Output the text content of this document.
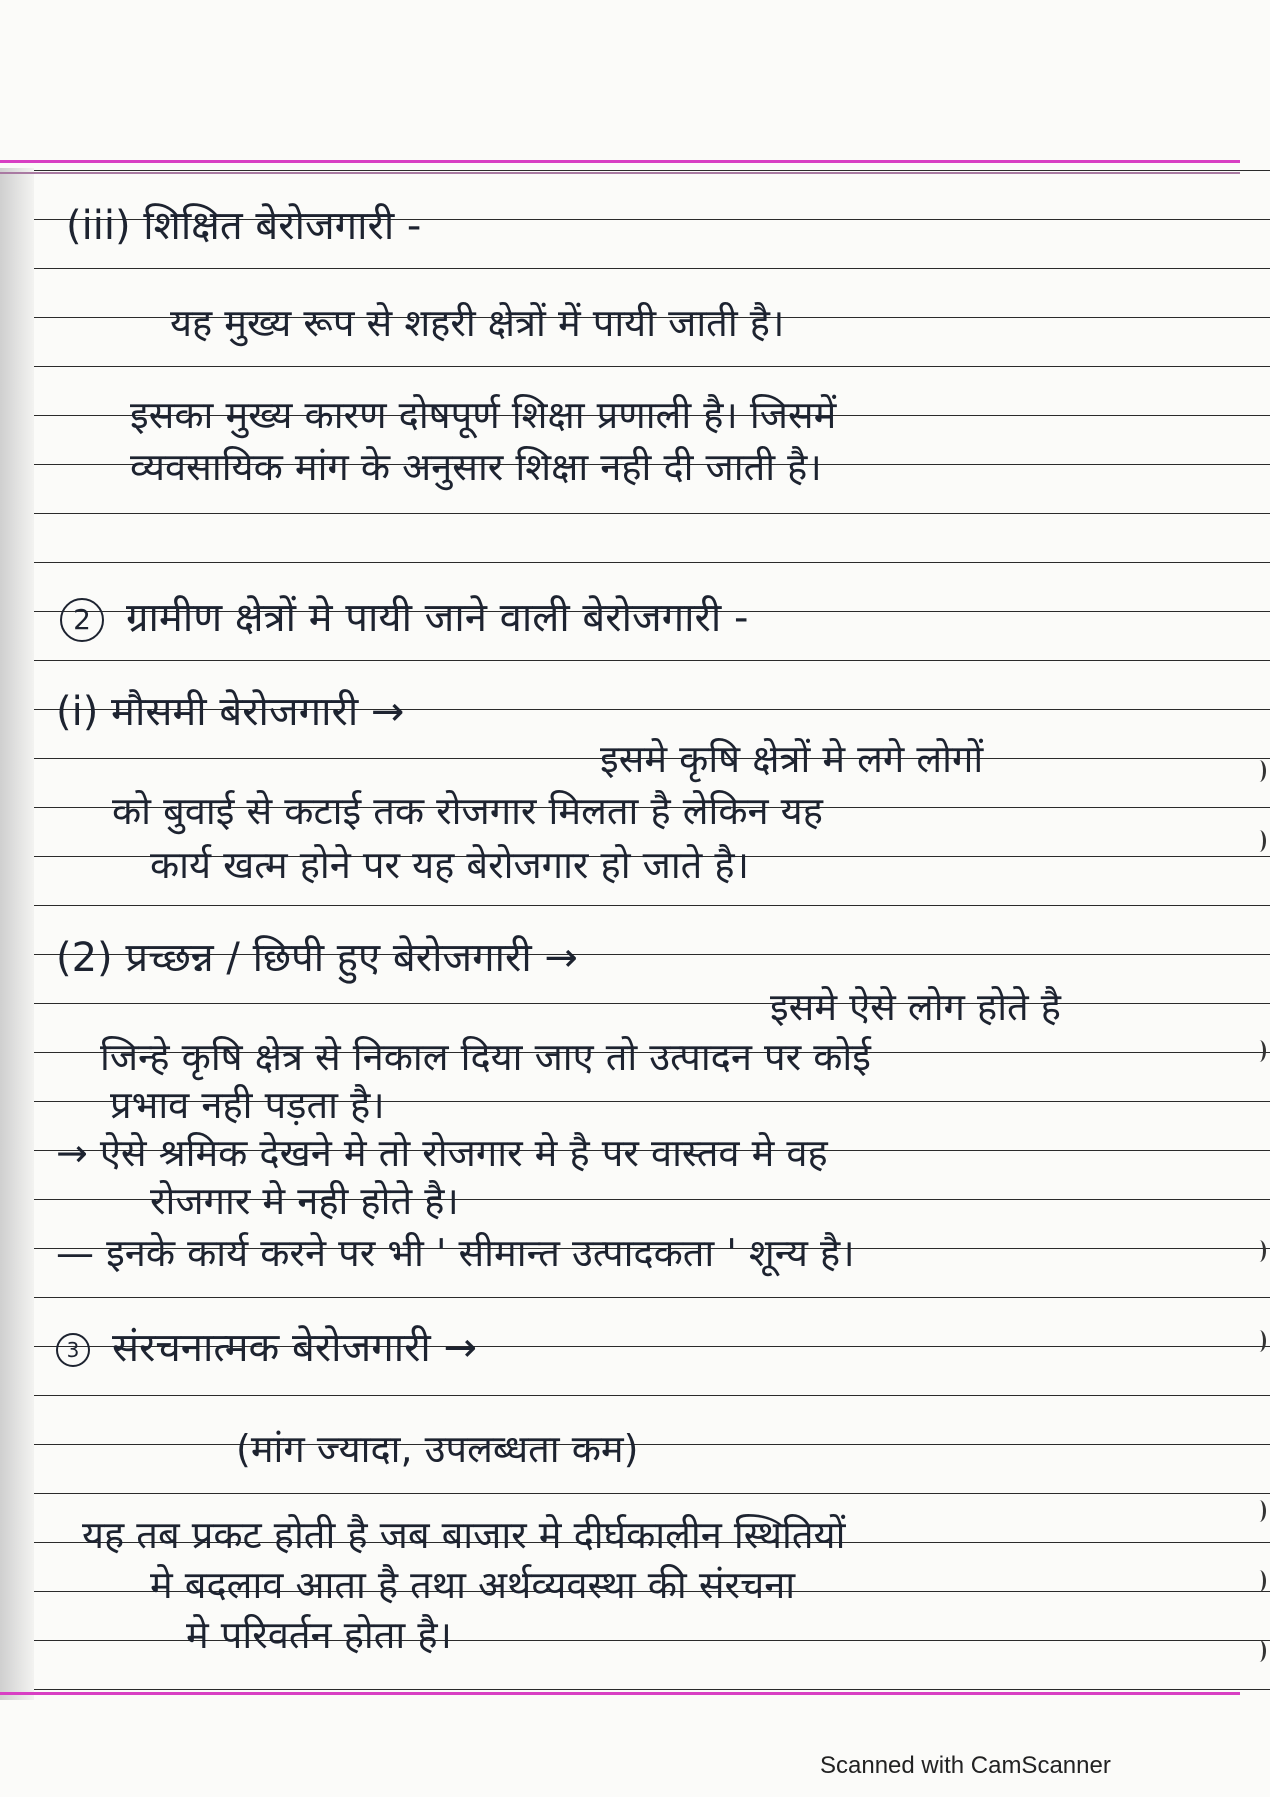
(iii) शिक्षित बेरोजगारी -
यह मुख्य रूप से शहरी क्षेत्रों में पायी जाती है।
इसका मुख्य कारण दोषपूर्ण शिक्षा प्रणाली है। जिसमें
व्यवसायिक मांग के अनुसार शिक्षा नही दी जाती है।
2 ग्रामीण क्षेत्रों मे पायी जाने वाली बेरोजगारी -
(i) मौसमी बेरोजगारी →
इसमे कृषि क्षेत्रों मे लगे लोगों
को बुवाई से कटाई तक रोजगार मिलता है लेकिन यह
कार्य खत्म होने पर यह बेरोजगार हो जाते है।
(2) प्रच्छन्न / छिपी हुए बेरोजगारी →
इसमे ऐसे लोग होते है
जिन्हे कृषि क्षेत्र से निकाल दिया जाए तो उत्पादन पर कोई
प्रभाव नही पड़ता है।
→ ऐसे श्रमिक देखने मे तो रोजगार मे है पर वास्तव मे वह
रोजगार मे नही होते है।
— इनके कार्य करने पर भी ' सीमान्त उत्पादकता ' शून्य है।
3 संरचनात्मक बेरोजगारी →
(मांग ज्यादा, उपलब्धता कम)
यह तब प्रकट होती है जब बाजार मे दीर्घकालीन स्थितियों
मे बदलाव आता है तथा अर्थव्यवस्था की संरचना
मे परिवर्तन होता है।
Scanned with CamScanner
